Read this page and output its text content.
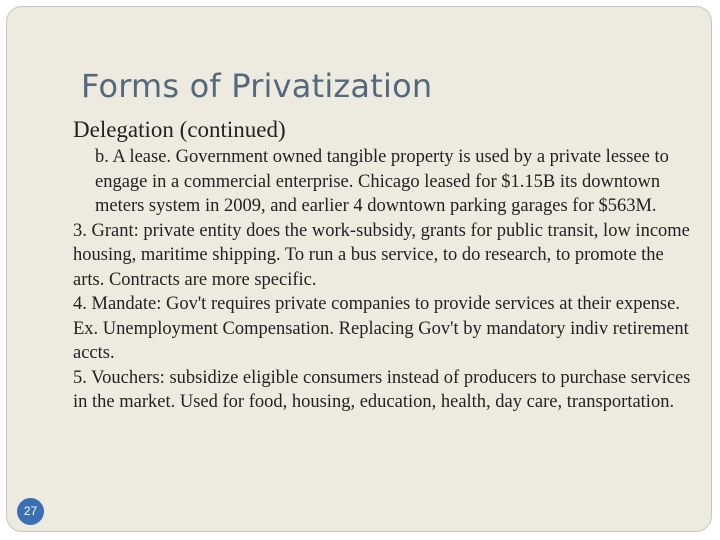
Forms of Privatization
Delegation (continued)

b. A lease. Government owned tangible property is used by a private lessee to engage in a commercial enterprise. Chicago leased for $1.15B its downtown meters system in 2009, and earlier 4 downtown parking garages for $563M.

3. Grant: private entity does the work-subsidy, grants for public transit, low income housing, maritime shipping. To run a bus service, to do research, to promote the arts. Contracts are more specific.

4. Mandate: Gov't requires private companies to provide services at their expense. Ex. Unemployment Compensation. Replacing Gov't by mandatory indiv retirement accts.

5. Vouchers: subsidize eligible consumers instead of producers to purchase services in the market. Used for food, housing, education, health, day care, transportation.

27
